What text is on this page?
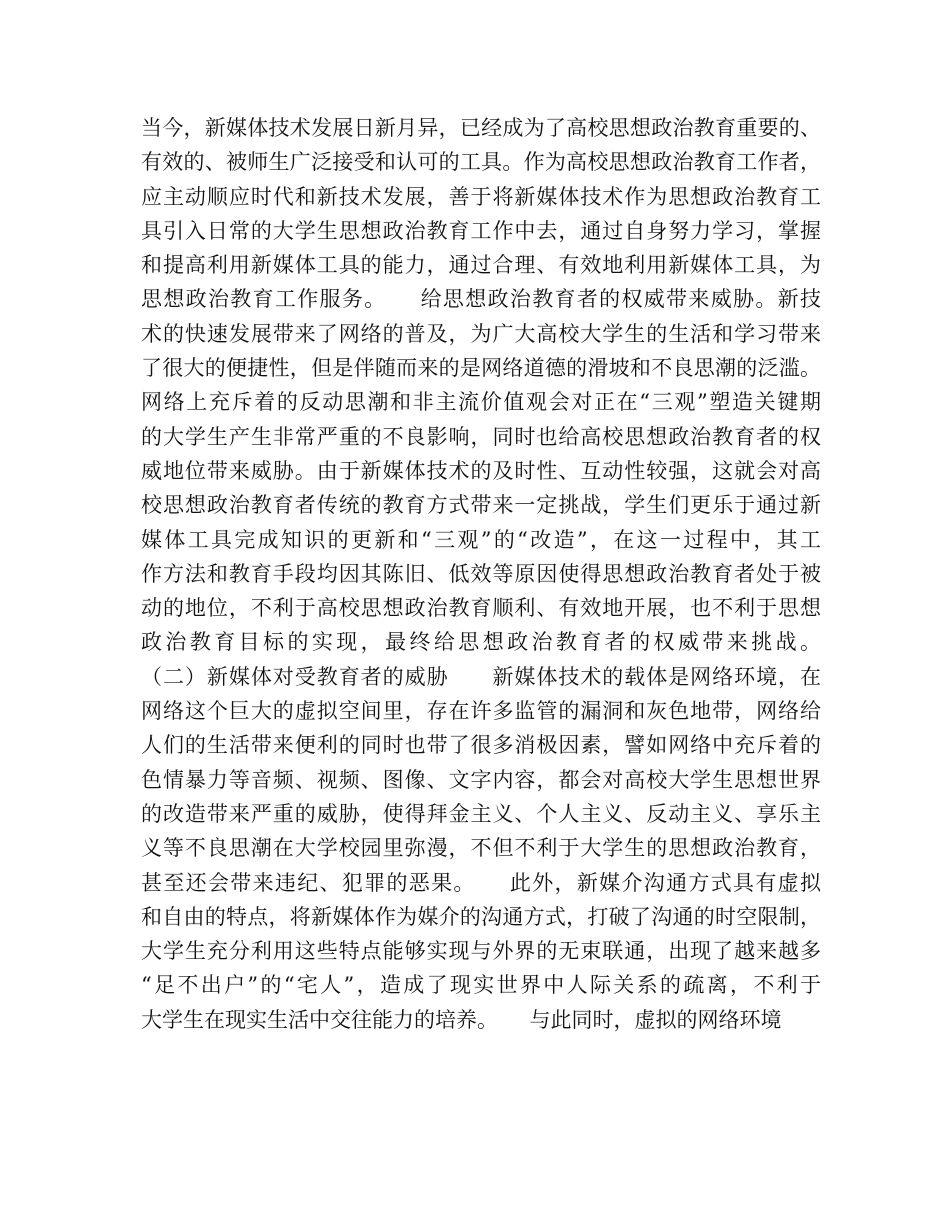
当今，新媒体技术发展日新月异，已经成为了高校思想政治教育重要的、
有效的、被师生广泛接受和认可的工具。作为高校思想政治教育工作者，
应主动顺应时代和新技术发展，善于将新媒体技术作为思想政治教育工
具引入日常的大学生思想政治教育工作中去，通过自身努力学习，掌握
和提高利用新媒体工具的能力，通过合理、有效地利用新媒体工具，为
思想政治教育工作服务。　　给思想政治教育者的权威带来威胁。新技
术的快速发展带来了网络的普及，为广大高校大学生的生活和学习带来
了很大的便捷性，但是伴随而来的是网络道德的滑坡和不良思潮的泛滥。
网络上充斥着的反动思潮和非主流价值观会对正在“三观”塑造关键期
的大学生产生非常严重的不良影响，同时也给高校思想政治教育者的权
威地位带来威胁。由于新媒体技术的及时性、互动性较强，这就会对高
校思想政治教育者传统的教育方式带来一定挑战，学生们更乐于通过新
媒体工具完成知识的更新和“三观”的“改造”，在这一过程中，其工
作方法和教育手段均因其陈旧、低效等原因使得思想政治教育者处于被
动的地位，不利于高校思想政治教育顺利、有效地开展，也不利于思想
政治教育目标的实现，最终给思想政治教育者的权威带来挑战。
（二）新媒体对受教育者的威胁　　新媒体技术的载体是网络环境，在
网络这个巨大的虚拟空间里，存在许多监管的漏洞和灰色地带，网络给
人们的生活带来便利的同时也带了很多消极因素，譬如网络中充斥着的
色情暴力等音频、视频、图像、文字内容，都会对高校大学生思想世界
的改造带来严重的威胁，使得拜金主义、个人主义、反动主义、享乐主
义等不良思潮在大学校园里弥漫，不但不利于大学生的思想政治教育，
甚至还会带来违纪、犯罪的恶果。　　此外，新媒介沟通方式具有虚拟
和自由的特点，将新媒体作为媒介的沟通方式，打破了沟通的时空限制，
大学生充分利用这些特点能够实现与外界的无束联通，出现了越来越多
“足不出户”的“宅人”，造成了现实世界中人际关系的疏离，不利于
大学生在现实生活中交往能力的培养。　　与此同时，虚拟的网络环境
